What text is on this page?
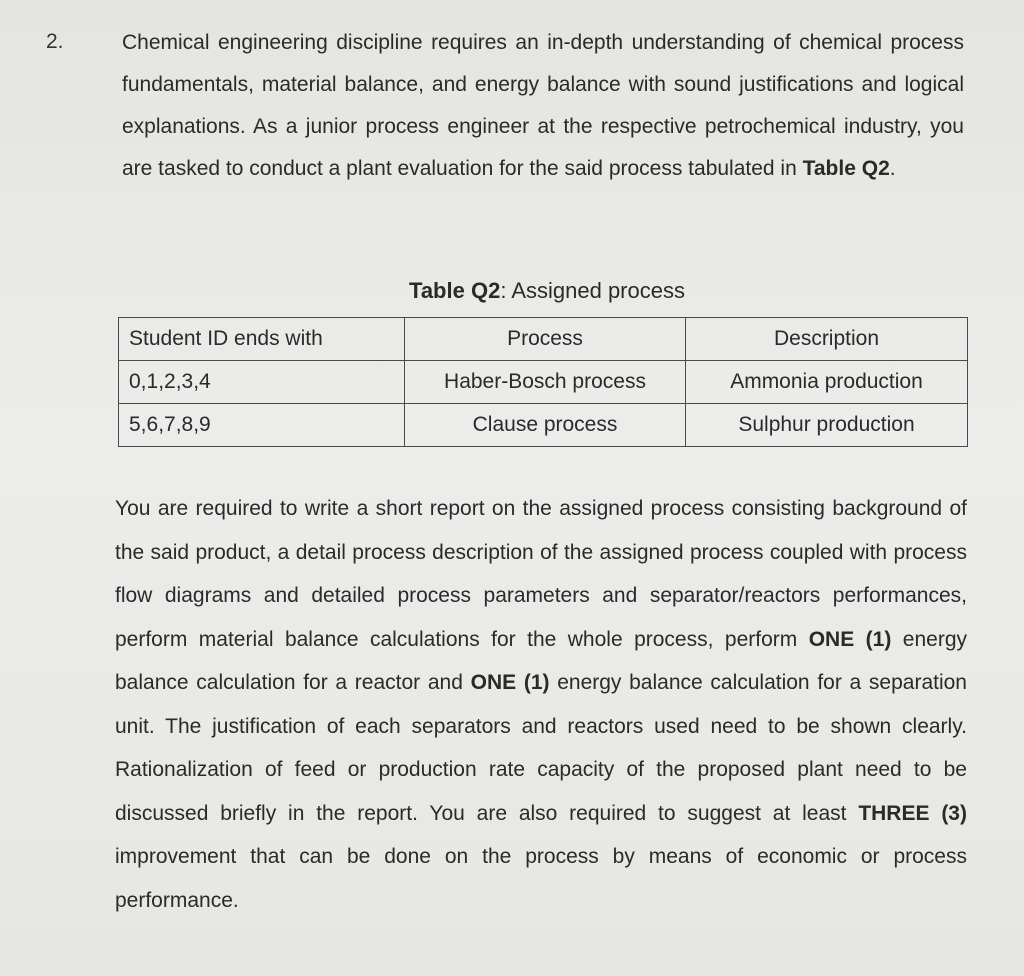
2.	Chemical engineering discipline requires an in-depth understanding of chemical process fundamentals, material balance, and energy balance with sound justifications and logical explanations. As a junior process engineer at the respective petrochemical industry, you are tasked to conduct a plant evaluation for the said process tabulated in Table Q2.

Table Q2: Assigned process

Student ID ends with	Process	Description
0,1,2,3,4	Haber-Bosch process	Ammonia production
5,6,7,8,9	Clause process	Sulphur production

You are required to write a short report on the assigned process consisting background of the said product, a detail process description of the assigned process coupled with process flow diagrams and detailed process parameters and separator/reactors performances, perform material balance calculations for the whole process, perform ONE (1) energy balance calculation for a reactor and ONE (1) energy balance calculation for a separation unit. The justification of each separators and reactors used need to be shown clearly. Rationalization of feed or production rate capacity of the proposed plant need to be discussed briefly in the report. You are also required to suggest at least THREE (3) improvement that can be done on the process by means of economic or process performance.
